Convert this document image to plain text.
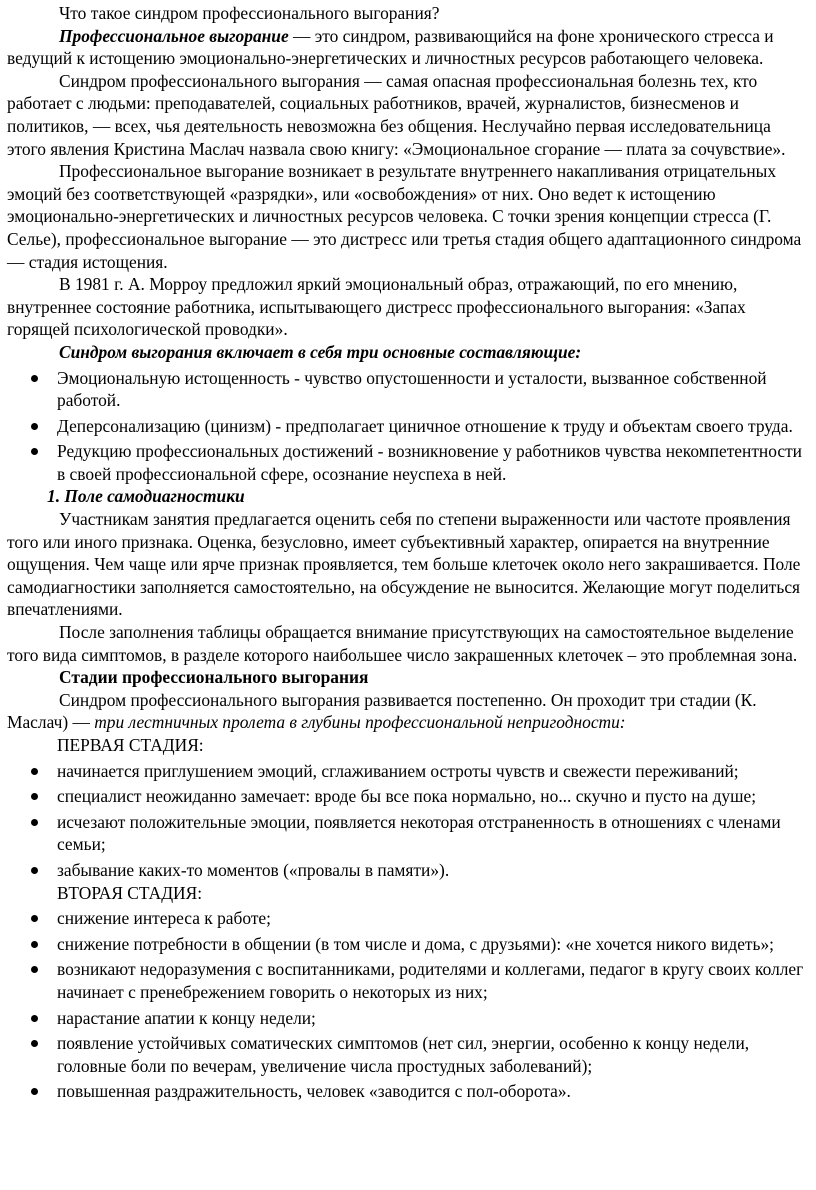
Что такое синдром профессионального выгорания?

Профессиональное выгорание — это синдром, развивающийся на фоне хронического стресса и ведущий к истощению эмоционально-энергетических и личностных ресурсов работающего человека.

Синдром профессионального выгорания — самая опасная профессиональная болезнь тех, кто работает с людьми: преподавателей, социальных работников, врачей, журналистов, бизнесменов и политиков, — всех, чья деятельность невозможна без общения. Неслучайно первая исследовательница этого явления Кристина Маслач назвала свою книгу: «Эмоциональное сгорание — плата за сочувствие».

Профессиональное выгорание возникает в результате внутреннего накапливания отрицательных эмоций без соответствующей «разрядки», или «освобождения» от них. Оно ведет к истощению эмоционально-энергетических и личностных ресурсов человека. С точки зрения концепции стресса (Г. Селье), профессиональное выгорание — это дистресс или третья стадия общего адаптационного синдрома — стадия истощения.

В 1981 г. А. Морроу предложил яркий эмоциональный образ, отражающий, по его мнению, внутреннее состояние работника, испытывающего дистресс профессионального выгорания: «Запах горящей психологической проводки».

Синдром выгорания включает в себя три основные составляющие:

Эмоциональную истощенность - чувство опустошенности и усталости, вызванное собственной работой.
Деперсонализацию (цинизм) - предполагает циничное отношение к труду и объектам своего труда.
Редукцию профессиональных достижений - возникновение у работников чувства некомпетентности в своей профессиональной сфере, осознание неуспеха в ней.

1. Поле самодиагностики

Участникам занятия предлагается оценить себя по степени выраженности или частоте проявления того или иного признака. Оценка, безусловно, имеет субъективный характер, опирается на внутренние ощущения. Чем чаще или ярче признак проявляется, тем больше клеточек около него закрашивается. Поле самодиагностики заполняется самостоятельно, на обсуждение не выносится. Желающие могут поделиться впечатлениями.

После заполнения таблицы обращается внимание присутствующих на самостоятельное выделение того вида симптомов, в разделе которого наибольшее число закрашенных клеточек – это проблемная зона.

Стадии профессионального выгорания

Синдром профессионального выгорания развивается постепенно. Он проходит три стадии (К. Маслач) — три лестничных пролета в глубины профессиональной непригодности:

ПЕРВАЯ СТАДИЯ:

начинается приглушением эмоций, сглаживанием остроты чувств и свежести переживаний;
специалист неожиданно замечает: вроде бы все пока нормально, но... скучно и пусто на душе;
исчезают положительные эмоции, появляется некоторая отстраненность в отношениях с членами семьи;
забывание каких-то моментов («провалы в памяти»).

ВТОРАЯ СТАДИЯ:

снижение интереса к работе;
снижение потребности в общении (в том числе и дома, с друзьями): «не хочется никого видеть»;
возникают недоразумения с воспитанниками, родителями и коллегами, педагог в кругу своих коллег начинает с пренебрежением говорить о некоторых из них;
нарастание апатии к концу недели;
появление устойчивых соматических симптомов (нет сил, энергии, особенно к концу недели, головные боли по вечерам, увеличение числа простудных заболеваний);
повышенная раздражительность, человек «заводится с пол-оборота».
